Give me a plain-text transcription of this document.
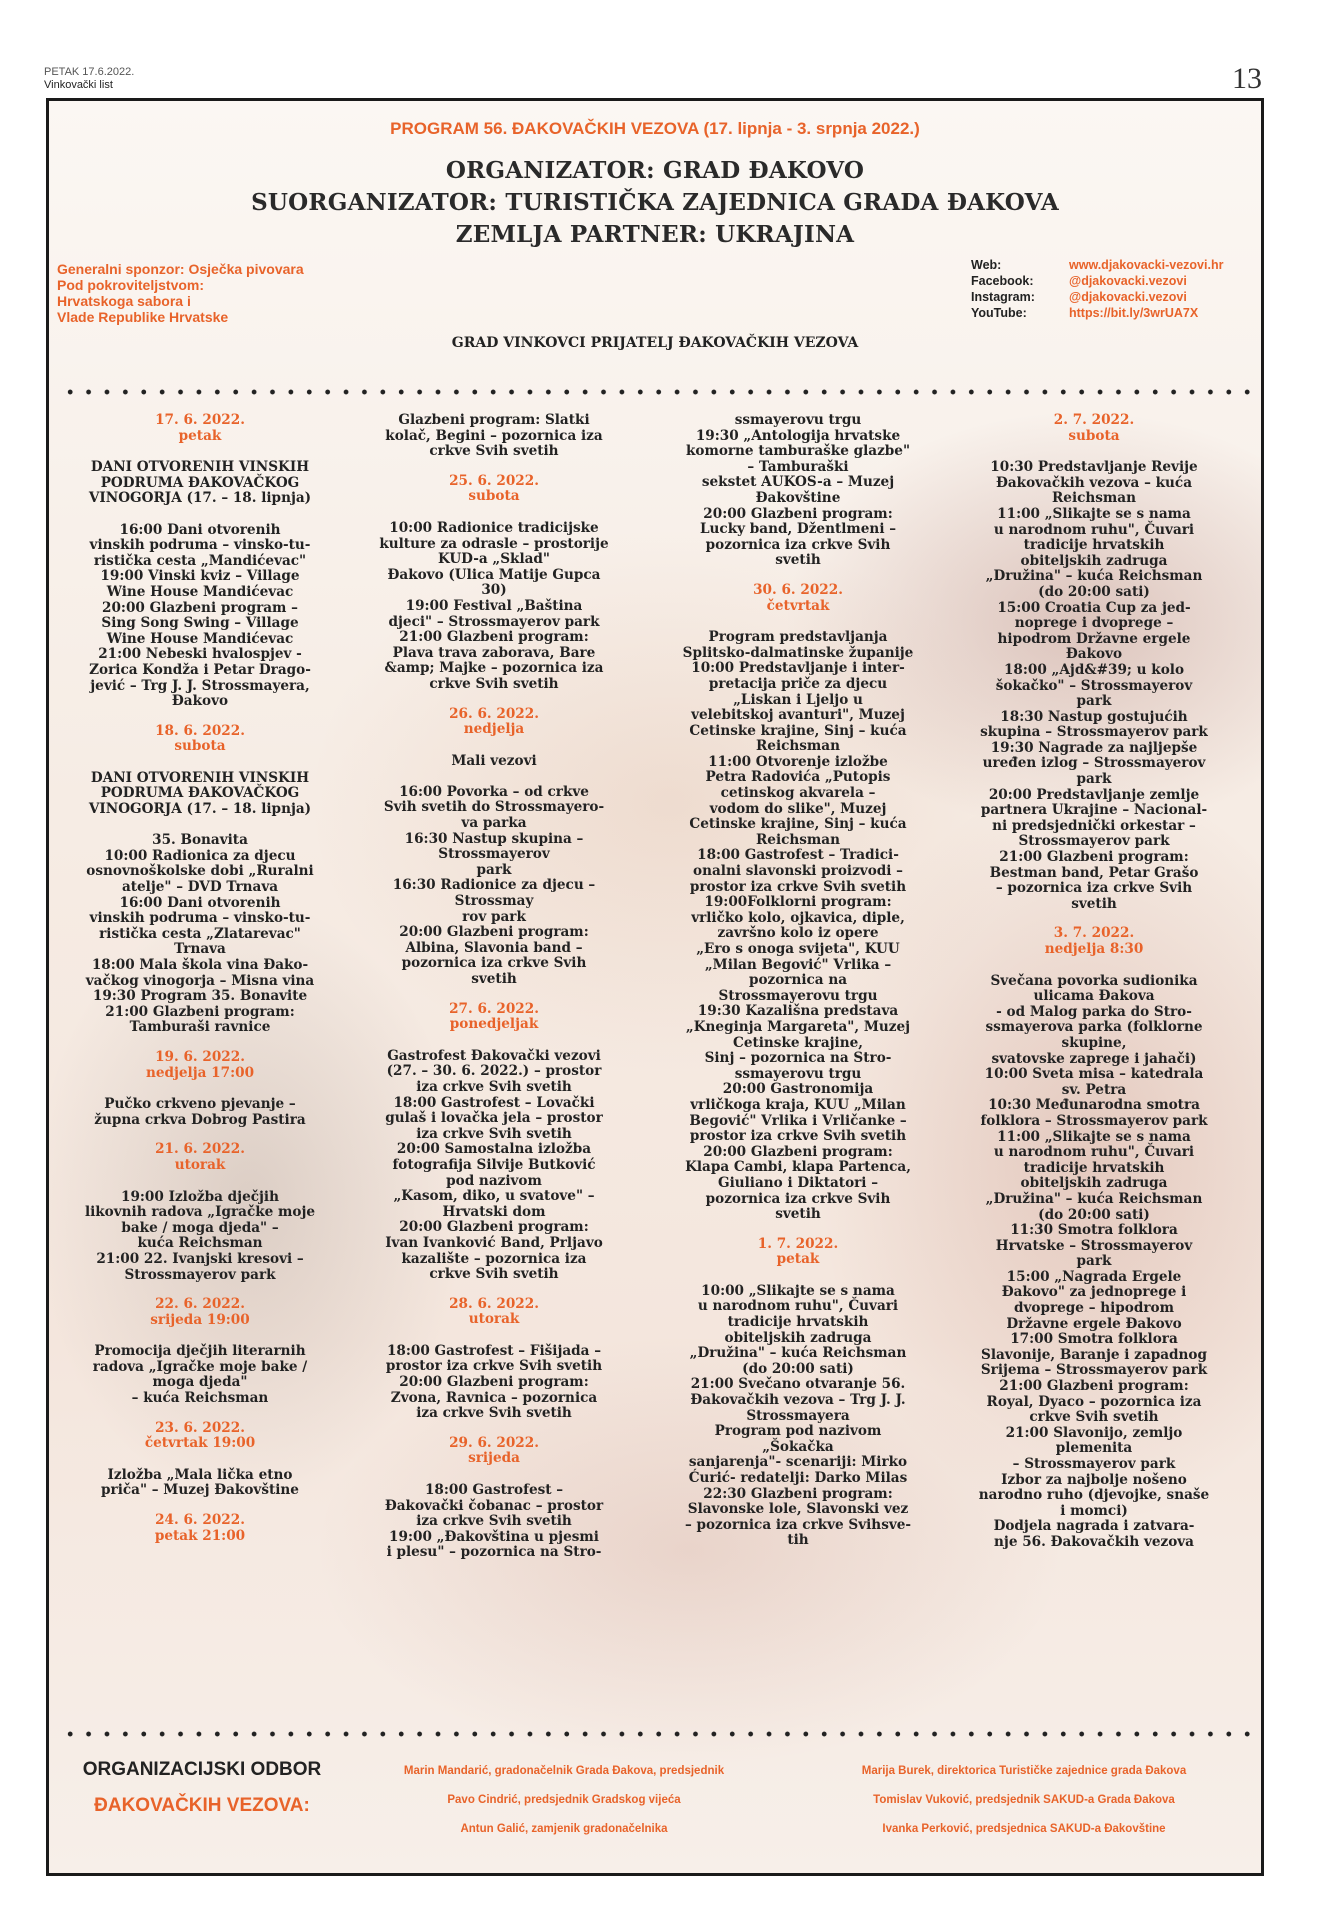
PETAK 17.6.2022.
Vinkovački list	13
PROGRAM 56. ĐAKOVAČKIH VEZOVA (17. lipnja - 3. srpnja 2022.)
ORGANIZATOR: GRAD ĐAKOVO
SUORGANIZATOR: TURISTIČKA ZAJEDNICA GRADA ĐAKOVA
ZEMLJA PARTNER: UKRAJINA
Generalni sponzor: Osječka pivovara
Pod pokroviteljstvom:
Hrvatskoga sabora i
Vlade Republike Hrvatske
Web:	www.djakovacki-vezovi.hr
Facebook:	@djakovacki.vezovi
Instagram:	@djakovacki.vezovi
YouTube:	https://bit.ly/3wrUA7X
GRAD VINKOVCI PRIJATELJ ĐAKOVAČKIH VEZOVA
17. 6. 2022.
petak
DANI OTVORENIH VINSKIH
PODRUMA ĐAKOVAČKOG
VINOGORJA (17. – 18. lipnja)

16:00 Dani otvorenih
vinskih podruma – vinsko-tu-
ristička cesta „Mandićevac"
19:00 Vinski kviz – Village
Wine House Mandićevac
20:00 Glazbeni program –
Sing Song Swing – Village
Wine House Mandićevac
21:00 Nebeski hvalospjev -
Zorica Kondža i Petar Drago-
jević – Trg J. J. Strossmayera,
Đakovo
18. 6. 2022.
subota
DANI OTVORENIH VINSKIH
PODRUMA ĐAKOVAČKOG
VINOGORJA (17. – 18. lipnja)

35. Bonavita
10:00 Radionica za djecu
osnovnoškolske dobi „Ruralni
atelje" – DVD Trnava
16:00 Dani otvorenih
vinskih podruma – vinsko-tu-
ristička cesta „Zlatarevac"
Trnava
18:00 Mala škola vina Đako-
vačkog vinogorja – Misna vina
19:30 Program 35. Bonavite
21:00 Glazbeni program:
Tamburaši ravnice
19. 6. 2022.
nedjelja 17:00
Pučko crkveno pjevanje –
župna crkva Dobrog Pastira
21. 6. 2022.
utorak
19:00 Izložba dječjih
likovnih radova „Igračke moje
bake / moga djeda" –
kuća Reichsman
21:00 22. Ivanjski kresovi –
Strossmayerov park
22. 6. 2022.
srijeda 19:00
Promocija dječjih literarnih
radova „Igračke moje bake /
moga djeda"
– kuća Reichsman
23. 6. 2022.
četvrtak 19:00
Izložba „Mala lička etno
priča" – Muzej Đakovštine
24. 6. 2022.
petak 21:00
Glazbeni program: Slatki
kolač, Begini – pozornica iza
crkve Svih svetih
25. 6. 2022.
subota
10:00 Radionice tradicijske
kulture za odrasle – prostorije
KUD-a „Sklad"
Đakovo (Ulica Matije Gupca
30)
19:00 Festival „Baština
djeci" – Strossmayerov park
21:00 Glazbeni program:
Plava trava zaborava, Bare
&amp; Majke – pozornica iza
crkve Svih svetih
26. 6. 2022.
nedjelja
Mali vezovi

16:00 Povorka – od crkve
Svih svetih do Strossmayero-
va parka
16:30 Nastup skupina –
Strossmayerov
park
16:30 Radionice za djecu –
Strossmay
rov park
20:00 Glazbeni program:
Albina, Slavonia band –
pozornica iza crkve Svih
svetih
27. 6. 2022.
ponedjeljak
Gastrofest Đakovački vezovi
(27. – 30. 6. 2022.) – prostor
iza crkve Svih svetih
18:00 Gastrofest – Lovački
gulaš i lovačka jela – prostor
iza crkve Svih svetih
20:00 Samostalna izložba
fotografija Silvije Butković
pod nazivom
„Kasom, diko, u svatove" –
Hrvatski dom
20:00 Glazbeni program:
Ivan Ivanković Band, Prljavo
kazalište – pozornica iza
crkve Svih svetih
28. 6. 2022.
utorak
18:00 Gastrofest – Fišijada –
prostor iza crkve Svih svetih
20:00 Glazbeni program:
Zvona, Ravnica – pozornica
iza crkve Svih svetih
29. 6. 2022.
srijeda
18:00 Gastrofest –
Đakovački čobanac – prostor
iza crkve Svih svetih
19:00 „Đakovština u pjesmi
i plesu" – pozornica na Stro-
ssmayerovu trgu
19:30 „Antologija hrvatske
komorne tamburaške glazbe"
– Tamburaški
sekstet AUKOS-a – Muzej
Đakovštine
20:00 Glazbeni program:
Lucky band, Džentlmeni –
pozornica iza crkve Svih
svetih
30. 6. 2022.
četvrtak
Program predstavljanja
Splitsko-dalmatinske županije
10:00 Predstavljanje i inter-
pretacija priče za djecu
„Liskan i Ljeljo u
velebitskoj avanturi", Muzej
Cetinske krajine, Sinj – kuća
Reichsman
11:00 Otvorenje izložbe
Petra Radovića „Putopis
cetinskog akvarela –
vodom do slike", Muzej
Cetinske krajine, Sinj – kuća
Reichsman
18:00 Gastrofest – Tradici-
onalni slavonski proizvodi –
prostor iza crkve Svih svetih
19:00Folklorni program:
vrličko kolo, ojkavica, diple,
završno kolo iz opere
„Ero s onoga svijeta", KUU
„Milan Begović" Vrlika –
pozornica na
Strossmayerovu trgu
19:30 Kazališna predstava
„Kneginja Margareta", Muzej
Cetinske krajine,
Sinj – pozornica na Stro-
ssmayerovu trgu
20:00 Gastronomija
vrličkoga kraja, KUU „Milan
Begović" Vrlika i Vrličanke –
prostor iza crkve Svih svetih
20:00 Glazbeni program:
Klapa Cambi, klapa Partenca,
Giuliano i Diktatori –
pozornica iza crkve Svih
svetih
1. 7. 2022.
petak
10:00 „Slikajte se s nama
u narodnom ruhu", Čuvari
tradicije hrvatskih
obiteljskih zadruga
„Družina" – kuća Reichsman
(do 20:00 sati)
21:00 Svečano otvaranje 56.
Đakovačkih vezova – Trg J. J.
Strossmayera
Program pod nazivom
„Šokačka
sanjarenja"- scenariji: Mirko
Ćurić- redatelji: Darko Milas
22:30 Glazbeni program:
Slavonske lole, Slavonski vez
– pozornica iza crkve Svihsve-
tih
2. 7. 2022.
subota
10:30 Predstavljanje Revije
Đakovačkih vezova – kuća
Reichsman
11:00 „Slikajte se s nama
u narodnom ruhu", Čuvari
tradicije hrvatskih
obiteljskih zadruga
„Družina" – kuća Reichsman
(do 20:00 sati)
15:00 Croatia Cup za jed-
noprege i dvoprege –
hipodrom Državne ergele
Đakovo
18:00 „Ajd&#39; u kolo
šokačko" – Strossmayerov
park
18:30 Nastup gostujućih
skupina – Strossmayerov park
19:30 Nagrade za najljepše
uređen izlog – Strossmayerov
park
20:00 Predstavljanje zemlje
partnera Ukrajine – Nacional-
ni predsjednički orkestar –
Strossmayerov park
21:00 Glazbeni program:
Bestman band, Petar Grašo
– pozornica iza crkve Svih
svetih
3. 7. 2022.
nedjelja 8:30
Svečana povorka sudionika
ulicama Đakova
- od Malog parka do Stro-
ssmayerova parka (folklorne
skupine,
svatovske zaprege i jahači)
10:00 Sveta misa – katedrala
sv. Petra
10:30 Međunarodna smotra
folklora – Strossmayerov park
11:00 „Slikajte se s nama
u narodnom ruhu", Čuvari
tradicije hrvatskih
obiteljskih zadruga
„Družina" – kuća Reichsman
(do 20:00 sati)
11:30 Smotra folklora
Hrvatske – Strossmayerov
park
15:00 „Nagrada Ergele
Đakovo" za jednoprege i
dvoprege – hipodrom
Državne ergele Đakovo
17:00 Smotra folklora
Slavonije, Baranje i zapadnog
Srijema – Strossmayerov park
21:00 Glazbeni program:
Royal, Dyaco – pozornica iza
crkve Svih svetih
21:00 Slavonijo, zemljo
plemenita
– Strossmayerov park
Izbor za najbolje nošeno
narodno ruho (djevojke, snaše
i momci)
Dodjela nagrada i zatvara-
nje 56. Đakovačkih vezova
ORGANIZACIJSKI ODBOR
ĐAKOVAČKIH VEZOVA:
Marin Mandarić, gradonačelnik Grada Đakova, predsjednik
Pavo Cindrić, predsjednik Gradskog vijeća
Antun Galić, zamjenik gradonačelnika
Marija Burek, direktorica Turističke zajednice grada Đakova
Tomislav Vuković, predsjednik SAKUD-a Grada Đakova
Ivanka Perković, predsjednica SAKUD-a Đakovštine
